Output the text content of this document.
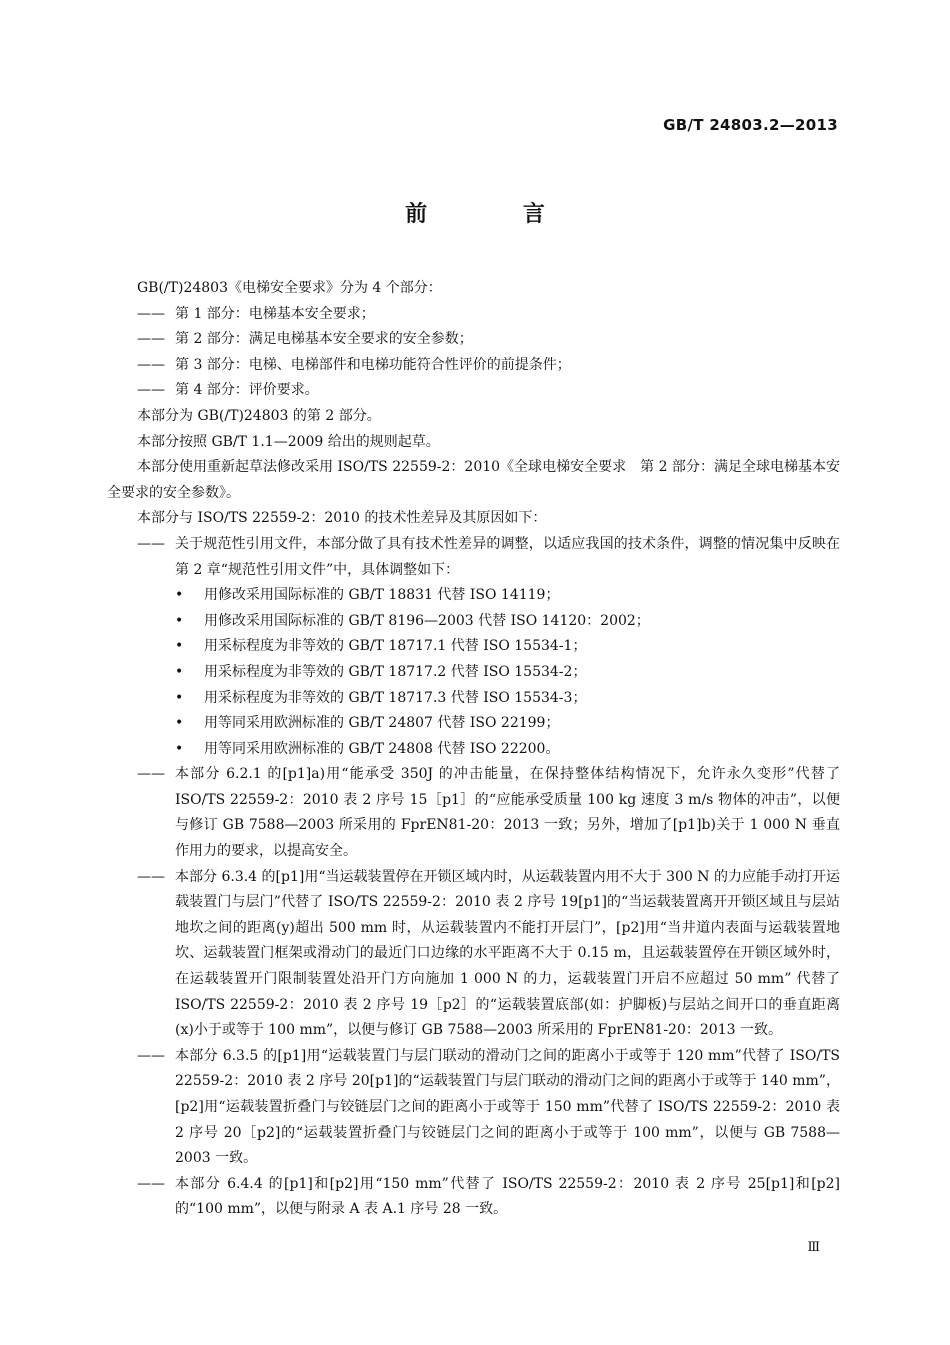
GB/T 24803.2—2013
前 言

GB(/T)24803《电梯安全要求》分为 4 个部分：

—— 第 1 部分：电梯基本安全要求；
—— 第 2 部分：满足电梯基本安全要求的安全参数；
—— 第 3 部分：电梯、电梯部件和电梯功能符合性评价的前提条件；
—— 第 4 部分：评价要求。

本部分为 GB(/T)24803 的第 2 部分。

本部分按照 GB/T 1.1—2009 给出的规则起草。

本部分使用重新起草法修改采用 ISO/TS 22559-2：2010《全球电梯安全要求　第 2 部分：满足全球电梯基本安全要求的安全参数》。

本部分与 ISO/TS 22559-2：2010 的技术性差异及其原因如下：

—— 关于规范性引用文件，本部分做了具有技术性差异的调整，以适应我国的技术条件，调整的情况集中反映在第 2 章“规范性引用文件”中，具体调整如下：
•	用修改采用国际标准的 GB/T 18831 代替 ISO 14119；
•	用修改采用国际标准的 GB/T 8196—2003 代替 ISO 14120：2002；
•	用采标程度为非等效的 GB/T 18717.1 代替 ISO 15534-1；
•	用采标程度为非等效的 GB/T 18717.2 代替 ISO 15534-2；
•	用采标程度为非等效的 GB/T 18717.3 代替 ISO 15534-3；
•	用等同采用欧洲标准的 GB/T 24807 代替 ISO 22199；
•	用等同采用欧洲标准的 GB/T 24808 代替 ISO 22200。
—— 本部分 6.2.1 的[p1]a)用“能承受 350J 的冲击能量，在保持整体结构情况下，允许永久变形”代替了 ISO/TS 22559-2：2010 表 2 序号 15［p1］的“应能承受质量 100 kg 速度 3 m/s 物体的冲击”，以便与修订 GB 7588—2003 所采用的 FprEN81-20：2013 一致；另外，增加了[p1]b)关于 1 000 N 垂直作用力的要求，以提高安全。
—— 本部分 6.3.4 的[p1]用“当运载装置停在开锁区域内时，从运载装置内用不大于 300 N 的力应能手动打开运载装置门与层门”代替了 ISO/TS 22559-2：2010 表 2 序号 19[p1]的“当运载装置离开开锁区域且与层站地坎之间的距离(y)超出 500 mm 时，从运载装置内不能打开层门”，[p2]用“当井道内表面与运载装置地坎、运载装置门框架或滑动门的最近门口边缘的水平距离不大于 0.15 m，且运载装置停在开锁区域外时，在运载装置开门限制装置处沿开门方向施加 1 000 N 的力，运载装置门开启不应超过 50 mm” 代替了 ISO/TS 22559-2：2010 表 2 序号 19［p2］的“运载装置底部(如：护脚板)与层站之间开口的垂直距离(x)小于或等于 100 mm”，以便与修订 GB 7588—2003 所采用的 FprEN81-20：2013 一致。
—— 本部分 6.3.5 的[p1]用“运载装置门与层门联动的滑动门之间的距离小于或等于 120 mm”代替了 ISO/TS 22559-2：2010 表 2 序号 20[p1]的“运载装置门与层门联动的滑动门之间的距离小于或等于 140 mm”，[p2]用“运载装置折叠门与铰链层门之间的距离小于或等于 150 mm”代替了 ISO/TS 22559-2：2010 表 2 序号 20［p2]的“运载装置折叠门与铰链层门之间的距离小于或等于 100 mm”，以便与 GB 7588—2003 一致。
—— 本部分 6.4.4 的[p1]和[p2]用“150 mm”代替了 ISO/TS 22559-2：2010 表 2 序号 25[p1]和[p2]的“100 mm”，以便与附录 A 表 A.1 序号 28 一致。
Ⅲ
